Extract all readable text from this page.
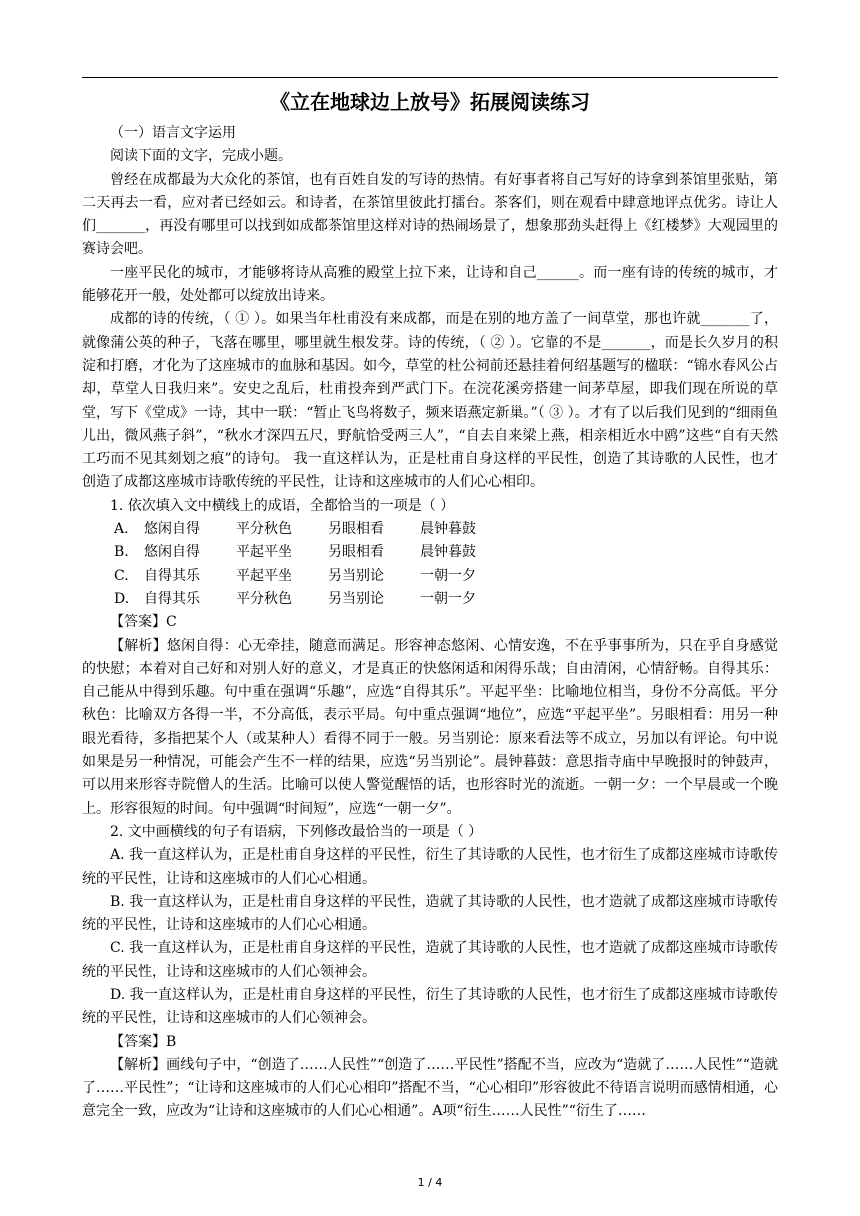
《立在地球边上放号》拓展阅读练习

（一）语言文字运用

阅读下面的文字，完成小题。

曾经在成都最为大众化的茶馆，也有百姓自发的写诗的热情。有好事者将自己写好的诗拿到茶馆里张贴，第二天再去一看，应对者已经如云。和诗者，在茶馆里彼此打擂台。茶客们，则在观看中肆意地评点优劣。诗让人们_______，再没有哪里可以找到如成都茶馆里这样对诗的热闹场景了，想象那劲头赶得上《红楼梦》大观园里的赛诗会吧。

一座平民化的城市，才能够将诗从高雅的殿堂上拉下来，让诗和自己______。而一座有诗的传统的城市，才能够花开一般，处处都可以绽放出诗来。

成都的诗的传统，（ ① ）。如果当年杜甫没有来成都，而是在别的地方盖了一间草堂，那也许就_______了，就像蒲公英的种子，飞落在哪里，哪里就生根发芽。诗的传统，（ ② ）。它靠的不是_______，而是长久岁月的积淀和打磨，才化为了这座城市的血脉和基因。如今，草堂的杜公祠前还悬挂着何绍基题写的楹联：“锦水春风公占却，草堂人日我归来”。安史之乱后，杜甫投奔到严武门下。在浣花溪旁搭建一间茅草屋，即我们现在所说的草堂，写下《堂成》一诗，其中一联：“暂止飞鸟将数子，频来语燕定新巢。”（ ③ ）。才有了以后我们见到的“细雨鱼儿出，微风燕子斜”，“秋水才深四五尺，野航恰受两三人”，“自去自来梁上燕，相亲相近水中鸥”这些“自有天然工巧而不见其刻划之痕”的诗句。 我一直这样认为，正是杜甫自身这样的平民性，创造了其诗歌的人民性，也才创造了成都这座城市诗歌传统的平民性，让诗和这座城市的人们心心相印。

1. 依次填入文中横线上的成语，全都恰当的一项是（ ）

A.	悠闲自得	平分秋色	另眼相看	晨钟暮鼓
B.	悠闲自得	平起平坐	另眼相看	晨钟暮鼓
C.	自得其乐	平起平坐	另当别论	一朝一夕
D.	自得其乐	平分秋色	另当别论	一朝一夕

【答案】C

【解析】悠闲自得：心无牵挂，随意而满足。形容神态悠闲、心情安逸，不在乎事事所为，只在乎自身感觉的快慰；本着对自己好和对别人好的意义，才是真正的快悠闲适和闲得乐哉；自由清闲，心情舒畅。自得其乐：自己能从中得到乐趣。句中重在强调“乐趣”，应选“自得其乐”。平起平坐：比喻地位相当，身份不分高低。平分秋色：比喻双方各得一半，不分高低，表示平局。句中重点强调“地位”，应选“平起平坐”。另眼相看：用另一种眼光看待，多指把某个人（或某种人）看得不同于一般。另当别论：原来看法等不成立，另加以有评论。句中说如果是另一种情况，可能会产生不一样的结果，应选“另当别论”。晨钟暮鼓：意思指寺庙中早晚报时的钟鼓声，可以用来形容寺院僧人的生活。比喻可以使人警觉醒悟的话，也形容时光的流逝。一朝一夕：一个早晨或一个晚上。形容很短的时间。句中强调“时间短”，应选“一朝一夕”。

2. 文中画横线的句子有语病，下列修改最恰当的一项是（ ）

A. 我一直这样认为，正是杜甫自身这样的平民性，衍生了其诗歌的人民性，也才衍生了成都这座城市诗歌传统的平民性，让诗和这座城市的人们心心相通。

B. 我一直这样认为，正是杜甫自身这样的平民性，造就了其诗歌的人民性，也才造就了成都这座城市诗歌传统的平民性，让诗和这座城市的人们心心相通。

C. 我一直这样认为，正是杜甫自身这样的平民性，造就了其诗歌的人民性，也才造就了成都这座城市诗歌传统的平民性，让诗和这座城市的人们心领神会。

D. 我一直这样认为，正是杜甫自身这样的平民性，衍生了其诗歌的人民性，也才衍生了成都这座城市诗歌传统的平民性，让诗和这座城市的人们心领神会。

【答案】B

【解析】画线句子中，“创造了……人民性”“创造了……平民性”搭配不当，应改为“造就了……人民性”“造就了……平民性”；“让诗和这座城市的人们心心相印”搭配不当，“心心相印”形容彼此不待语言说明而感情相通，心意完全一致，应改为“让诗和这座城市的人们心心相通”。A项“衍生……人民性”“衍生了……

1 / 4
